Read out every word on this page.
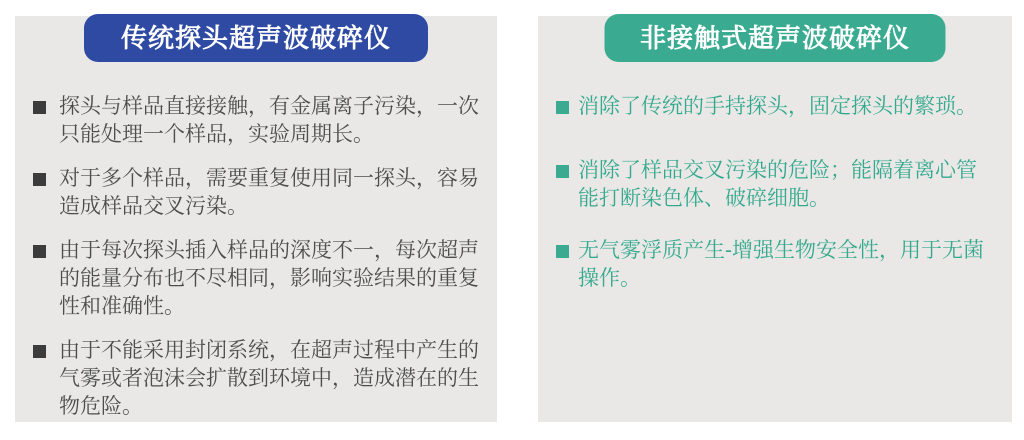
传统探头超声波破碎仪
探头与样品直接接触，有金属离子污染，一次只能处理一个样品，实验周期长。
对于多个样品，需要重复使用同一探头，容易造成样品交叉污染。
由于每次探头插入样品的深度不一，每次超声的能量分布也不尽相同，影响实验结果的重复性和准确性。
由于不能采用封闭系统，在超声过程中产生的气雾或者泡沫会扩散到环境中，造成潜在的生物危险。
非接触式超声波破碎仪
消除了传统的手持探头，固定探头的繁琐。
消除了样品交叉污染的危险；能隔着离心管能打断染色体、破碎细胞。
无气雾浮质产生-增强生物安全性，用于无菌操作。
